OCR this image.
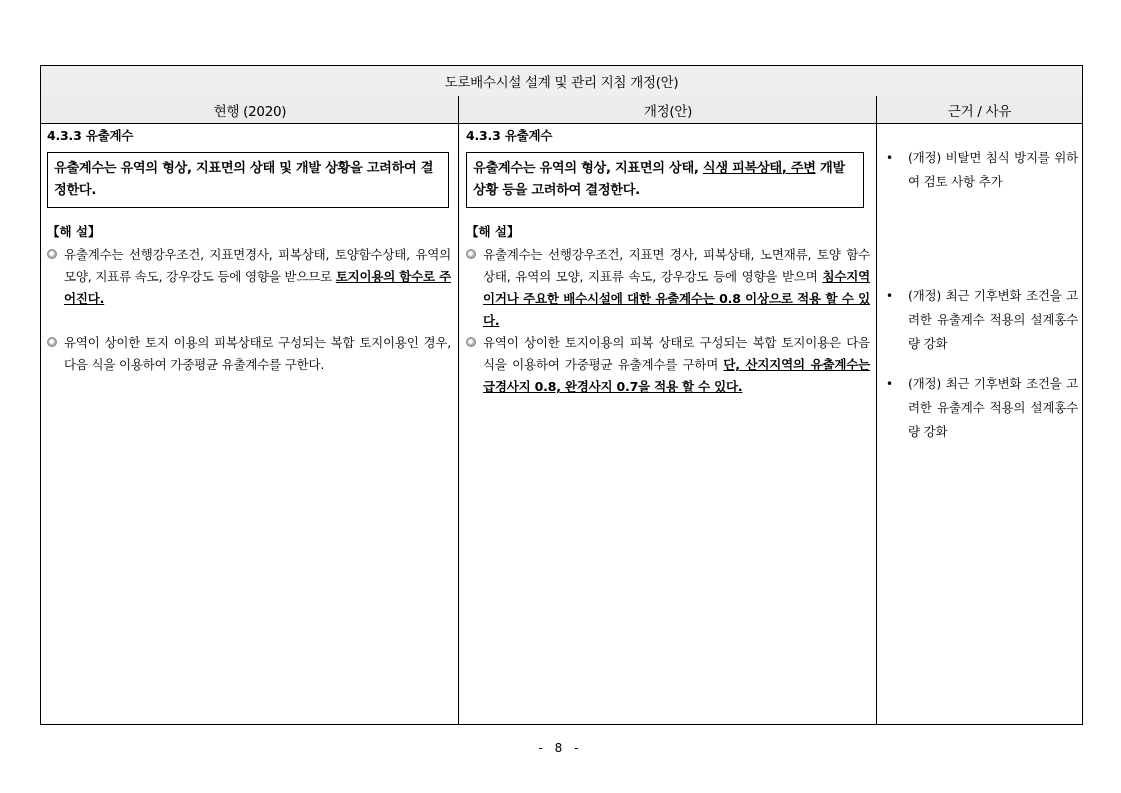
도로배수시설 설계 및 관리 지침 개정(안)
현행 (2020)	개정(안)	근거 / 사유
4.3.3 유출계수
유출계수는 유역의 형상, 지표면의 상태 및 개발 상황을 고려하여 결정한다.
【해 설】
유출계수는 선행강우조건, 지표면경사, 피복상태, 토양함수상태, 유역의 모양, 지표류 속도, 강우강도 등에 영향을 받으므로 토지이용의 함수로 주어진다.
유역이 상이한 토지 이용의 피복상태로 구성되는 복합 토지이용인 경우, 다음 식을 이용하여 가중평균 유출계수를 구한다.
4.3.3 유출계수
유출계수는 유역의 형상, 지표면의 상태, 식생 피복상태, 주변 개발 상황 등을 고려하여 결정한다.
【해 설】
유출계수는 선행강우조건, 지표면 경사, 피복상태, 노면재류, 토양 함수 상태, 유역의 모양, 지표류 속도, 강우강도 등에 영향을 받으며 침수지역이거나 주요한 배수시설에 대한 유출계수는 0.8 이상으로 적용 할 수 있다.
유역이 상이한 토지이용의 피복 상태로 구성되는 복합 토지이용은 다음 식을 이용하여 가중평균 유출계수를 구하며 단, 산지지역의 유출계수는 급경사지 0.8, 완경사지 0.7을 적용 할 수 있다.
• (개정) 비탈면 침식 방지를 위하여 검토 사항 추가
• (개정) 최근 기후변화 조건을 고려한 유출계수 적용의 설계홍수량 강화
• (개정) 최근 기후변화 조건을 고려한 유출계수 적용의 설계홍수량 강화
- 8 -
